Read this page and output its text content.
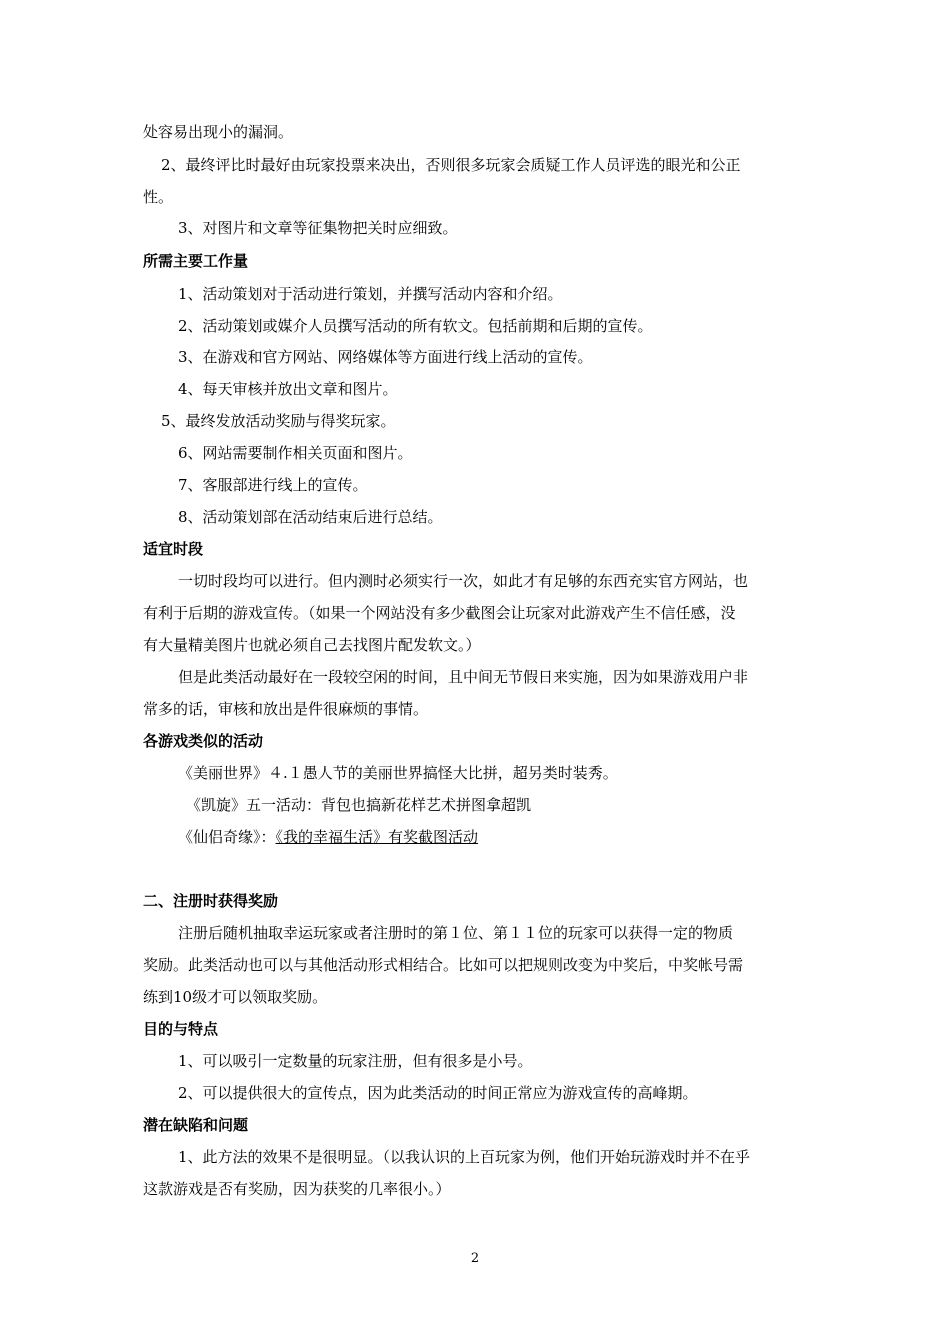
处容易出现小的漏洞。
2、最终评比时最好由玩家投票来决出，否则很多玩家会质疑工作人员评选的眼光和公正
性。
3、对图片和文章等征集物把关时应细致。
所需主要工作量
1、活动策划对于活动进行策划，并撰写活动内容和介绍。
2、活动策划或媒介人员撰写活动的所有软文。包括前期和后期的宣传。
3、在游戏和官方网站、网络媒体等方面进行线上活动的宣传。
4、每天审核并放出文章和图片。
5、最终发放活动奖励与得奖玩家。
6、网站需要制作相关页面和图片。
7、客服部进行线上的宣传。
8、活动策划部在活动结束后进行总结。
适宜时段
一切时段均可以进行。但内测时必须实行一次，如此才有足够的东西充实官方网站，也
有利于后期的游戏宣传。（如果一个网站没有多少截图会让玩家对此游戏产生不信任感，没
有大量精美图片也就必须自己去找图片配发软文。）
但是此类活动最好在一段较空闲的时间，且中间无节假日来实施，因为如果游戏用户非
常多的话，审核和放出是件很麻烦的事情。
各游戏类似的活动
《美丽世界》４.１愚人节的美丽世界搞怪大比拼，超另类时装秀。
《凯旋》五一活动：背包也搞新花样艺术拼图拿超凯
《仙侣奇缘》：《我的幸福生活》有奖截图活动
二、注册时获得奖励
注册后随机抽取幸运玩家或者注册时的第１位、第１１位的玩家可以获得一定的物质
奖励。此类活动也可以与其他活动形式相结合。比如可以把规则改变为中奖后，中奖帐号需
练到10级才可以领取奖励。
目的与特点
1、可以吸引一定数量的玩家注册，但有很多是小号。
2、可以提供很大的宣传点，因为此类活动的时间正常应为游戏宣传的高峰期。
潜在缺陷和问题
1、此方法的效果不是很明显。（以我认识的上百玩家为例，他们开始玩游戏时并不在乎
这款游戏是否有奖励，因为获奖的几率很小。）
2
